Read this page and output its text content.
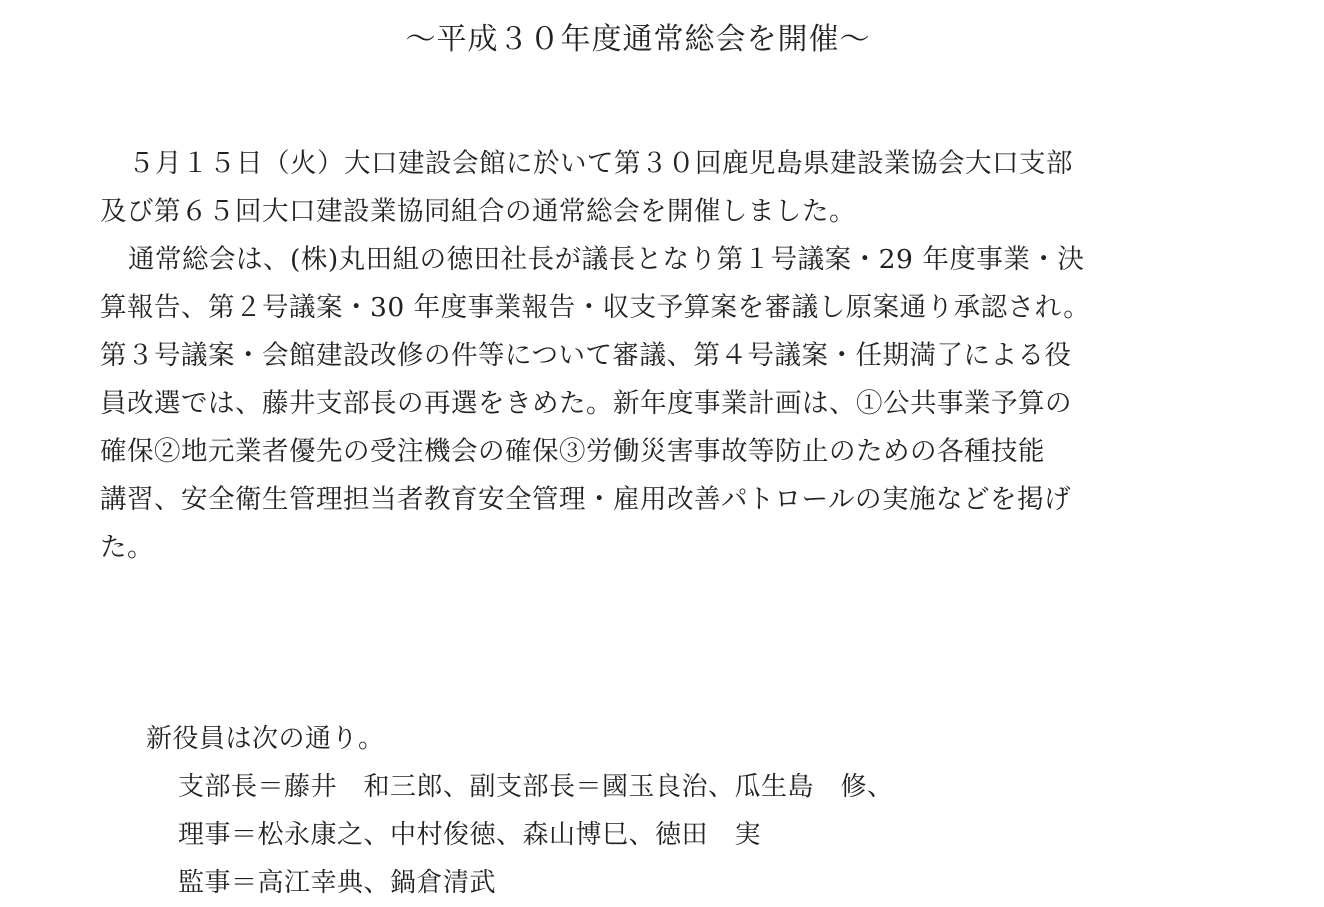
～平成３０年度通常総会を開催～
５月１５日（火）大口建設会館に於いて第３０回鹿児島県建設業協会大口支部
及び第６５回大口建設業協同組合の通常総会を開催しました。
通常総会は、(株)丸田組の徳田社長が議長となり第１号議案・29 年度事業・決
算報告、第２号議案・30 年度事業報告・収支予算案を審議し原案通り承認され。
第３号議案・会館建設改修の件等について審議、第４号議案・任期満了による役
員改選では、藤井支部長の再選をきめた。新年度事業計画は、①公共事業予算の
確保②地元業者優先の受注機会の確保③労働災害事故等防止のための各種技能
講習、安全衛生管理担当者教育安全管理・雇用改善パトロールの実施などを掲げ
た。
新役員は次の通り。
支部長＝藤井　和三郎、副支部長＝國玉良治、瓜生島　修、
理事＝松永康之、中村俊徳、森山博巳、徳田　実
監事＝高江幸典、鍋倉清武
